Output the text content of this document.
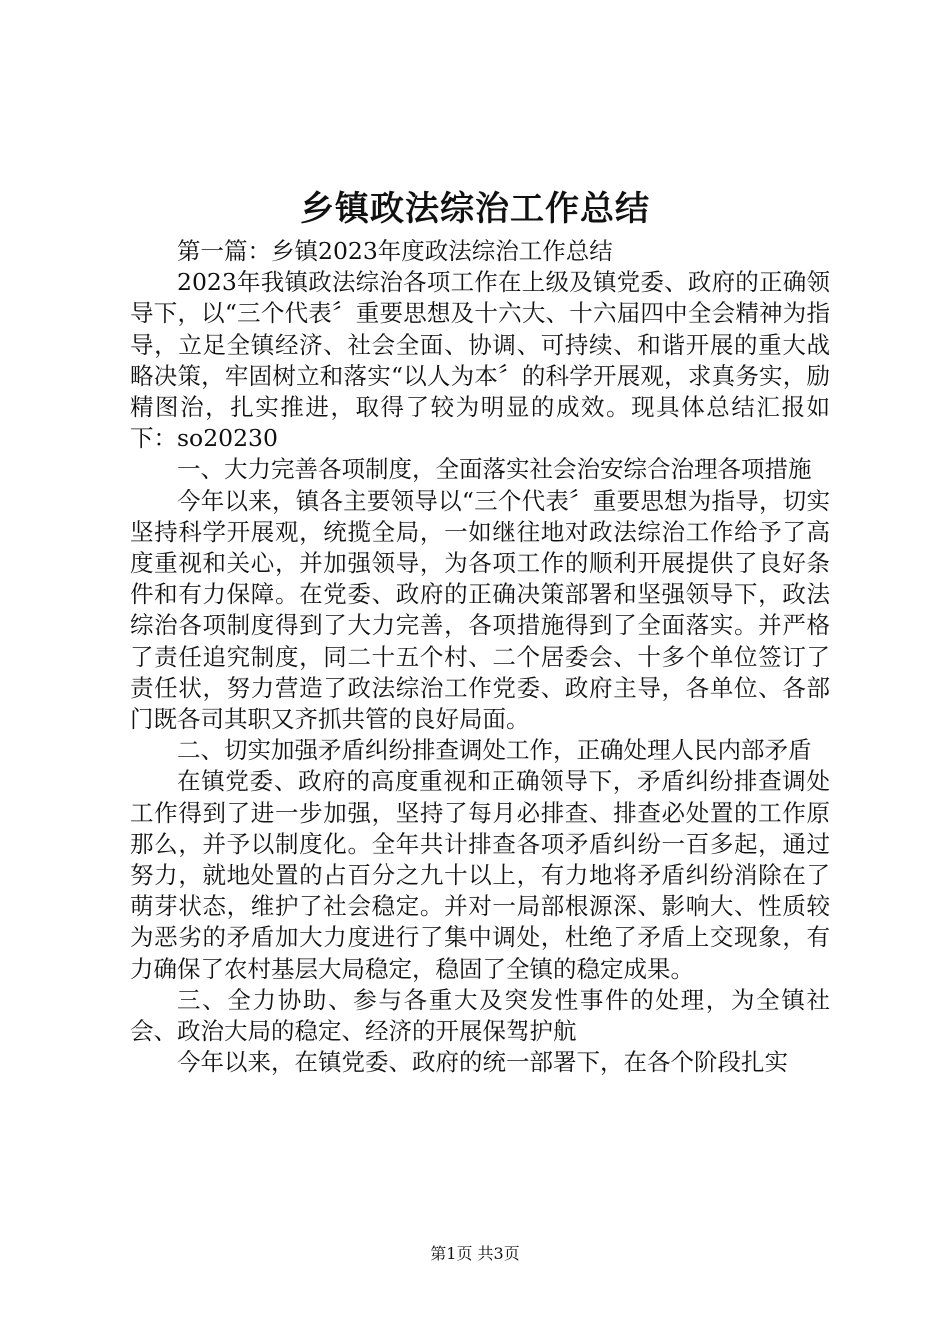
乡镇政法综治工作总结

第一篇：乡镇2023年度政法综治工作总结

2023年我镇政法综治各项工作在上级及镇党委、政府的正确领导下，以“三个代表〞重要思想及十六大、十六届四中全会精神为指导，立足全镇经济、社会全面、协调、可持续、和谐开展的重大战略决策，牢固树立和落实“以人为本〞的科学开展观，求真务实，励精图治，扎实推进，取得了较为明显的成效。现具体总结汇报如下：so20230

一、大力完善各项制度，全面落实社会治安综合治理各项措施

今年以来，镇各主要领导以“三个代表〞重要思想为指导，切实坚持科学开展观，统揽全局，一如继往地对政法综治工作给予了高度重视和关心，并加强领导，为各项工作的顺利开展提供了良好条件和有力保障。在党委、政府的正确决策部署和坚强领导下，政法综治各项制度得到了大力完善，各项措施得到了全面落实。并严格了责任追究制度，同二十五个村、二个居委会、十多个单位签订了责任状，努力营造了政法综治工作党委、政府主导，各单位、各部门既各司其职又齐抓共管的良好局面。

二、切实加强矛盾纠纷排查调处工作，正确处理人民内部矛盾

在镇党委、政府的高度重视和正确领导下，矛盾纠纷排查调处工作得到了进一步加强，坚持了每月必排查、排查必处置的工作原那么，并予以制度化。全年共计排查各项矛盾纠纷一百多起，通过努力，就地处置的占百分之九十以上，有力地将矛盾纠纷消除在了萌芽状态，维护了社会稳定。并对一局部根源深、影响大、性质较为恶劣的矛盾加大力度进行了集中调处，杜绝了矛盾上交现象，有力确保了农村基层大局稳定，稳固了全镇的稳定成果。

三、全力协助、参与各重大及突发性事件的处理，为全镇社会、政治大局的稳定、经济的开展保驾护航

今年以来，在镇党委、政府的统一部署下，在各个阶段扎实

第1页 共3页
